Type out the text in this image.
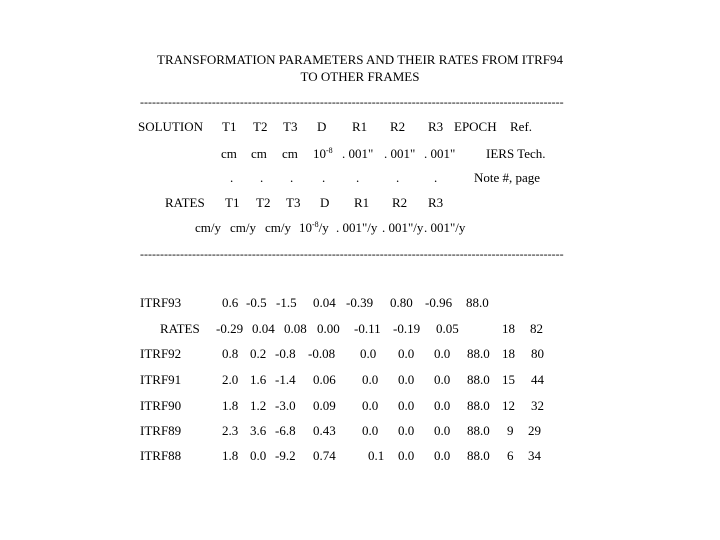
TRANSFORMATION PARAMETERS AND THEIR RATES FROM ITRF94
TO OTHER FRAMES
----------------------------------------------------------------------------------------------------------
SOLUTION T1 T2 T3 D R1 R2 R3 EPOCH Ref.
cm cm cm $10^{-8}$ . 001" . 001" . 001" IERS Tech.
. . . . .	.	.	Note #, page
RATES T1 T2 T3 D R1 R2 R3
cm/y cm/y cm/y $10^{-8}/y$ . 001"/y . 001"/y . 001"/y
----------------------------------------------------------------------------------------------------------
ITRF93	0.6 -0.5 -1.5 0.04 -0.39 0.80 -0.96 88.0
RATES -0.29 0.04 0.08 0.00 -0.11 -0.19 0.05	18 82
ITRF92	0.8 0.2 -0.8 -0.08 0.0 0.0 0.0 88.0 18 80
ITRF91	2.0 1.6 -1.4 0.06 0.0 0.0 0.0 88.0 15 44
ITRF90	1.8 1.2 -3.0 0.09 0.0 0.0 0.0 88.0 12 32
ITRF89	2.3 3.6 -6.8 0.43 0.0 0.0 0.0 88.0 9 29
ITRF88	1.8 0.0 -9.2 0.74 0.1 0.0 0.0 88.0 6 34
